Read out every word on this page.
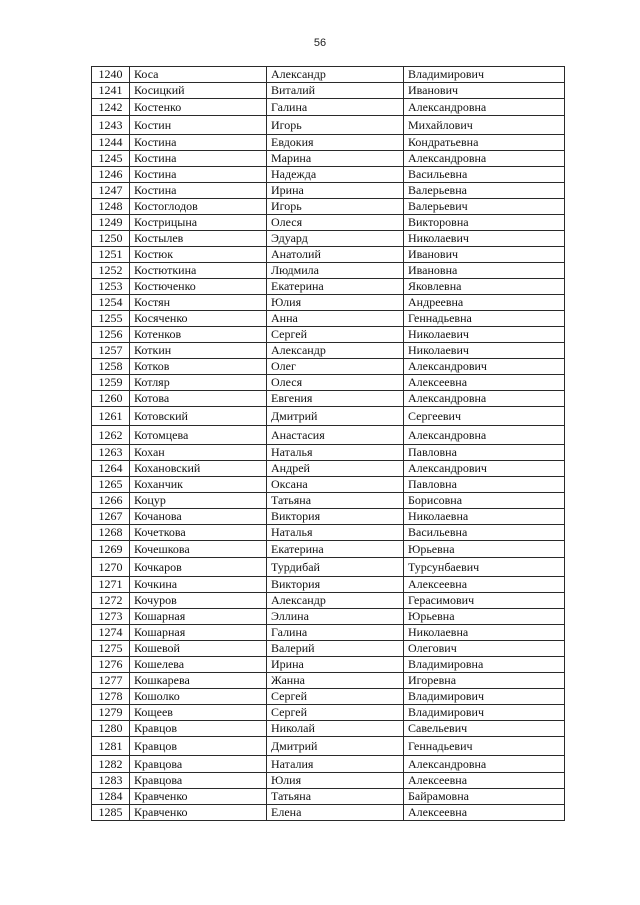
56
1240	Коса	Александр	Владимирович
1241	Косицкий	Виталий	Иванович
1242	Костенко	Галина	Александровна
1243	Костин	Игорь	Михайлович
1244	Костина	Евдокия	Кондратьевна
1245	Костина	Марина	Александровна
1246	Костина	Надежда	Васильевна
1247	Костина	Ирина	Валерьевна
1248	Костоглодов	Игорь	Валерьевич
1249	Кострицына	Олеся	Викторовна
1250	Костылев	Эдуард	Николаевич
1251	Костюк	Анатолий	Иванович
1252	Костюткина	Людмила	Ивановна
1253	Костюченко	Екатерина	Яковлевна
1254	Костян	Юлия	Андреевна
1255	Косяченко	Анна	Геннадьевна
1256	Котенков	Сергей	Николаевич
1257	Коткин	Александр	Николаевич
1258	Котков	Олег	Александрович
1259	Котляр	Олеся	Алексеевна
1260	Котова	Евгения	Александровна
1261	Котовский	Дмитрий	Сергеевич
1262	Котомцева	Анастасия	Александровна
1263	Кохан	Наталья	Павловна
1264	Кохановский	Андрей	Александрович
1265	Коханчик	Оксана	Павловна
1266	Коцур	Татьяна	Борисовна
1267	Кочанова	Виктория	Николаевна
1268	Кочеткова	Наталья	Васильевна
1269	Кочешкова	Екатерина	Юрьевна
1270	Кочкаров	Турдибай	Турсунбаевич
1271	Кочкина	Виктория	Алексеевна
1272	Кочуров	Александр	Герасимович
1273	Кошарная	Эллина	Юрьевна
1274	Кошарная	Галина	Николаевна
1275	Кошевой	Валерий	Олегович
1276	Кошелева	Ирина	Владимировна
1277	Кошкарева	Жанна	Игоревна
1278	Кошолко	Сергей	Владимирович
1279	Кощеев	Сергей	Владимирович
1280	Кравцов	Николай	Савельевич
1281	Кравцов	Дмитрий	Геннадьевич
1282	Кравцова	Наталия	Александровна
1283	Кравцова	Юлия	Алексеевна
1284	Кравченко	Татьяна	Байрамовна
1285	Кравченко	Елена	Алексеевна
